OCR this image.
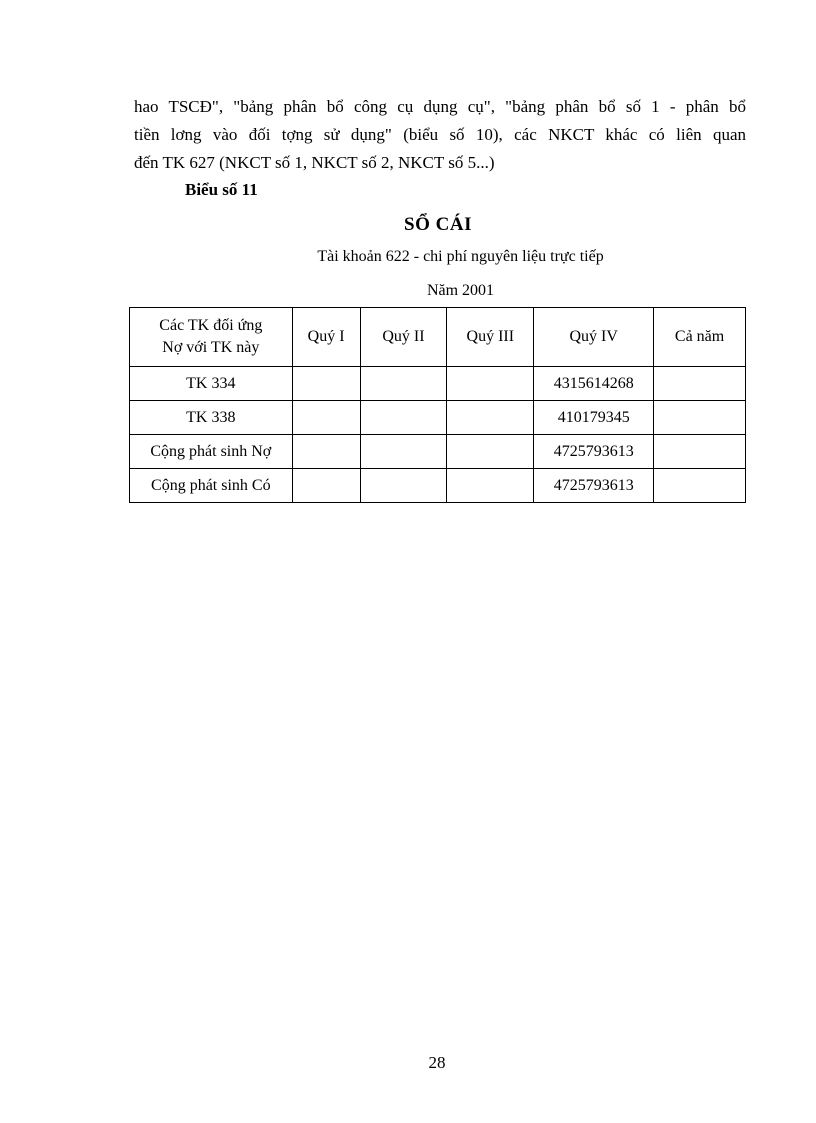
hao TSCĐ", "bảng phân bổ công cụ dụng cụ", "bảng phân bổ số 1 - phân bổ
tiền lơng vào đối tợng sử dụng" (biểu số 10), các NKCT khác có liên quan
đến TK 627 (NKCT số 1, NKCT số 2, NKCT số 5...)
Biểu số 11
SỔ CÁI
Tài khoản 622 - chi phí nguyên liệu trực tiếp
Năm 2001
Các TK đối ứng
Nợ với TK này	Quý I	Quý II	Quý III	Quý IV	Cả năm
TK 334				4315614268	
TK 338				410179345	
Cộng phát sinh Nợ				4725793613	
Cộng phát sinh Có				4725793613	
28
